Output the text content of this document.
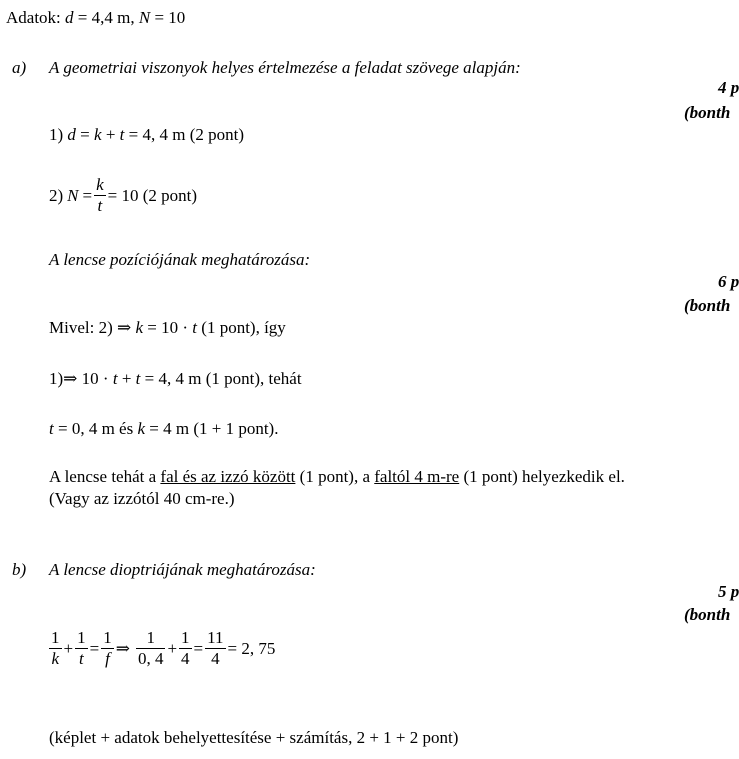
Adatok: d = 4,4 m, N = 10
a) A geometriai viszonyok helyes értelmezése a feladat szövege alapján:
4 p
(bonth
1) d = k + t = 4, 4 m (2 pont)
2) $N = \frac{k}{t} = 10$ (2 pont)
A lencse pozíciójának meghatározása:
6 p
(bonth
Mivel: 2) ⇒ k = 10 · t (1 pont), így
1)⇒ 10 · t + t = 4, 4 m (1 pont), tehát
t = 0, 4 m és k = 4 m (1 + 1 pont).
A lencse tehát a fal és az izzó között (1 pont), a faltól 4 m-re (1 pont) helyezkedik el.
(Vagy az izzótól 40 cm-re.)
b) A lencse dioptriájának meghatározása:
5 p
(bonth
$\frac{1}{k} + \frac{1}{t} = \frac{1}{f}$ ⇒ $\frac{1}{0, 4} + \frac{1}{4} = \frac{11}{4} = 2$, 75
(képlet + adatok behelyettesítése + számítás, 2 + 1 + 2 pont)
